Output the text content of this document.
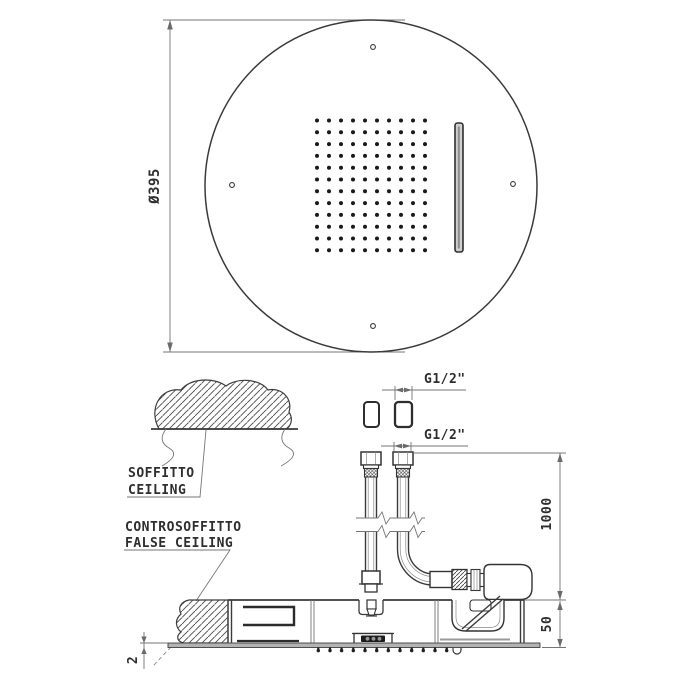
Ø395
SOFFITTO
CEILING
CONTROSOFFITTO
FALSE CEILING
G1/2"
G1/2"
1000
50
2
